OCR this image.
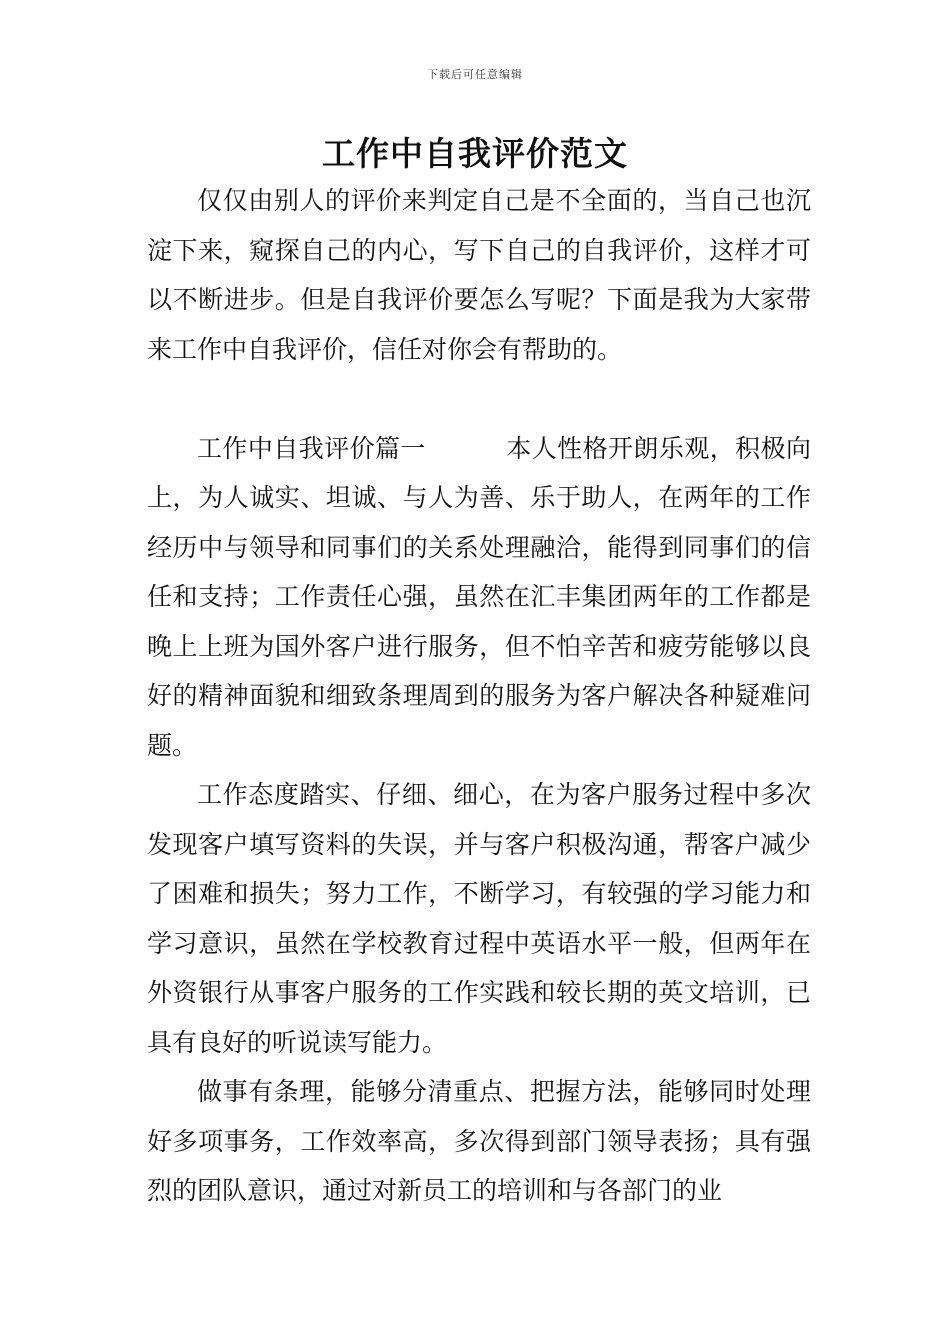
下载后可任意编辑
工作中自我评价范文

仅仅由别人的评价来判定自己是不全面的，当自己也沉淀下来，窥探自己的内心，写下自己的自我评价，这样才可以不断进步。但是自我评价要怎么写呢？下面是我为大家带来工作中自我评价，信任对你会有帮助的。

工作中自我评价篇一	本人性格开朗乐观，积极向上，为人诚实、坦诚、与人为善、乐于助人，在两年的工作经历中与领导和同事们的关系处理融洽，能得到同事们的信任和支持；工作责任心强，虽然在汇丰集团两年的工作都是晚上上班为国外客户进行服务，但不怕辛苦和疲劳能够以良好的精神面貌和细致条理周到的服务为客户解决各种疑难问题。

工作态度踏实、仔细、细心，在为客户服务过程中多次发现客户填写资料的失误，并与客户积极沟通，帮客户减少了困难和损失；努力工作，不断学习，有较强的学习能力和学习意识，虽然在学校教育过程中英语水平一般，但两年在外资银行从事客户服务的工作实践和较长期的英文培训，已具有良好的听说读写能力。

做事有条理，能够分清重点、把握方法，能够同时处理好多项事务，工作效率高，多次得到部门领导表扬；具有强烈的团队意识，通过对新员工的培训和与各部门的业
